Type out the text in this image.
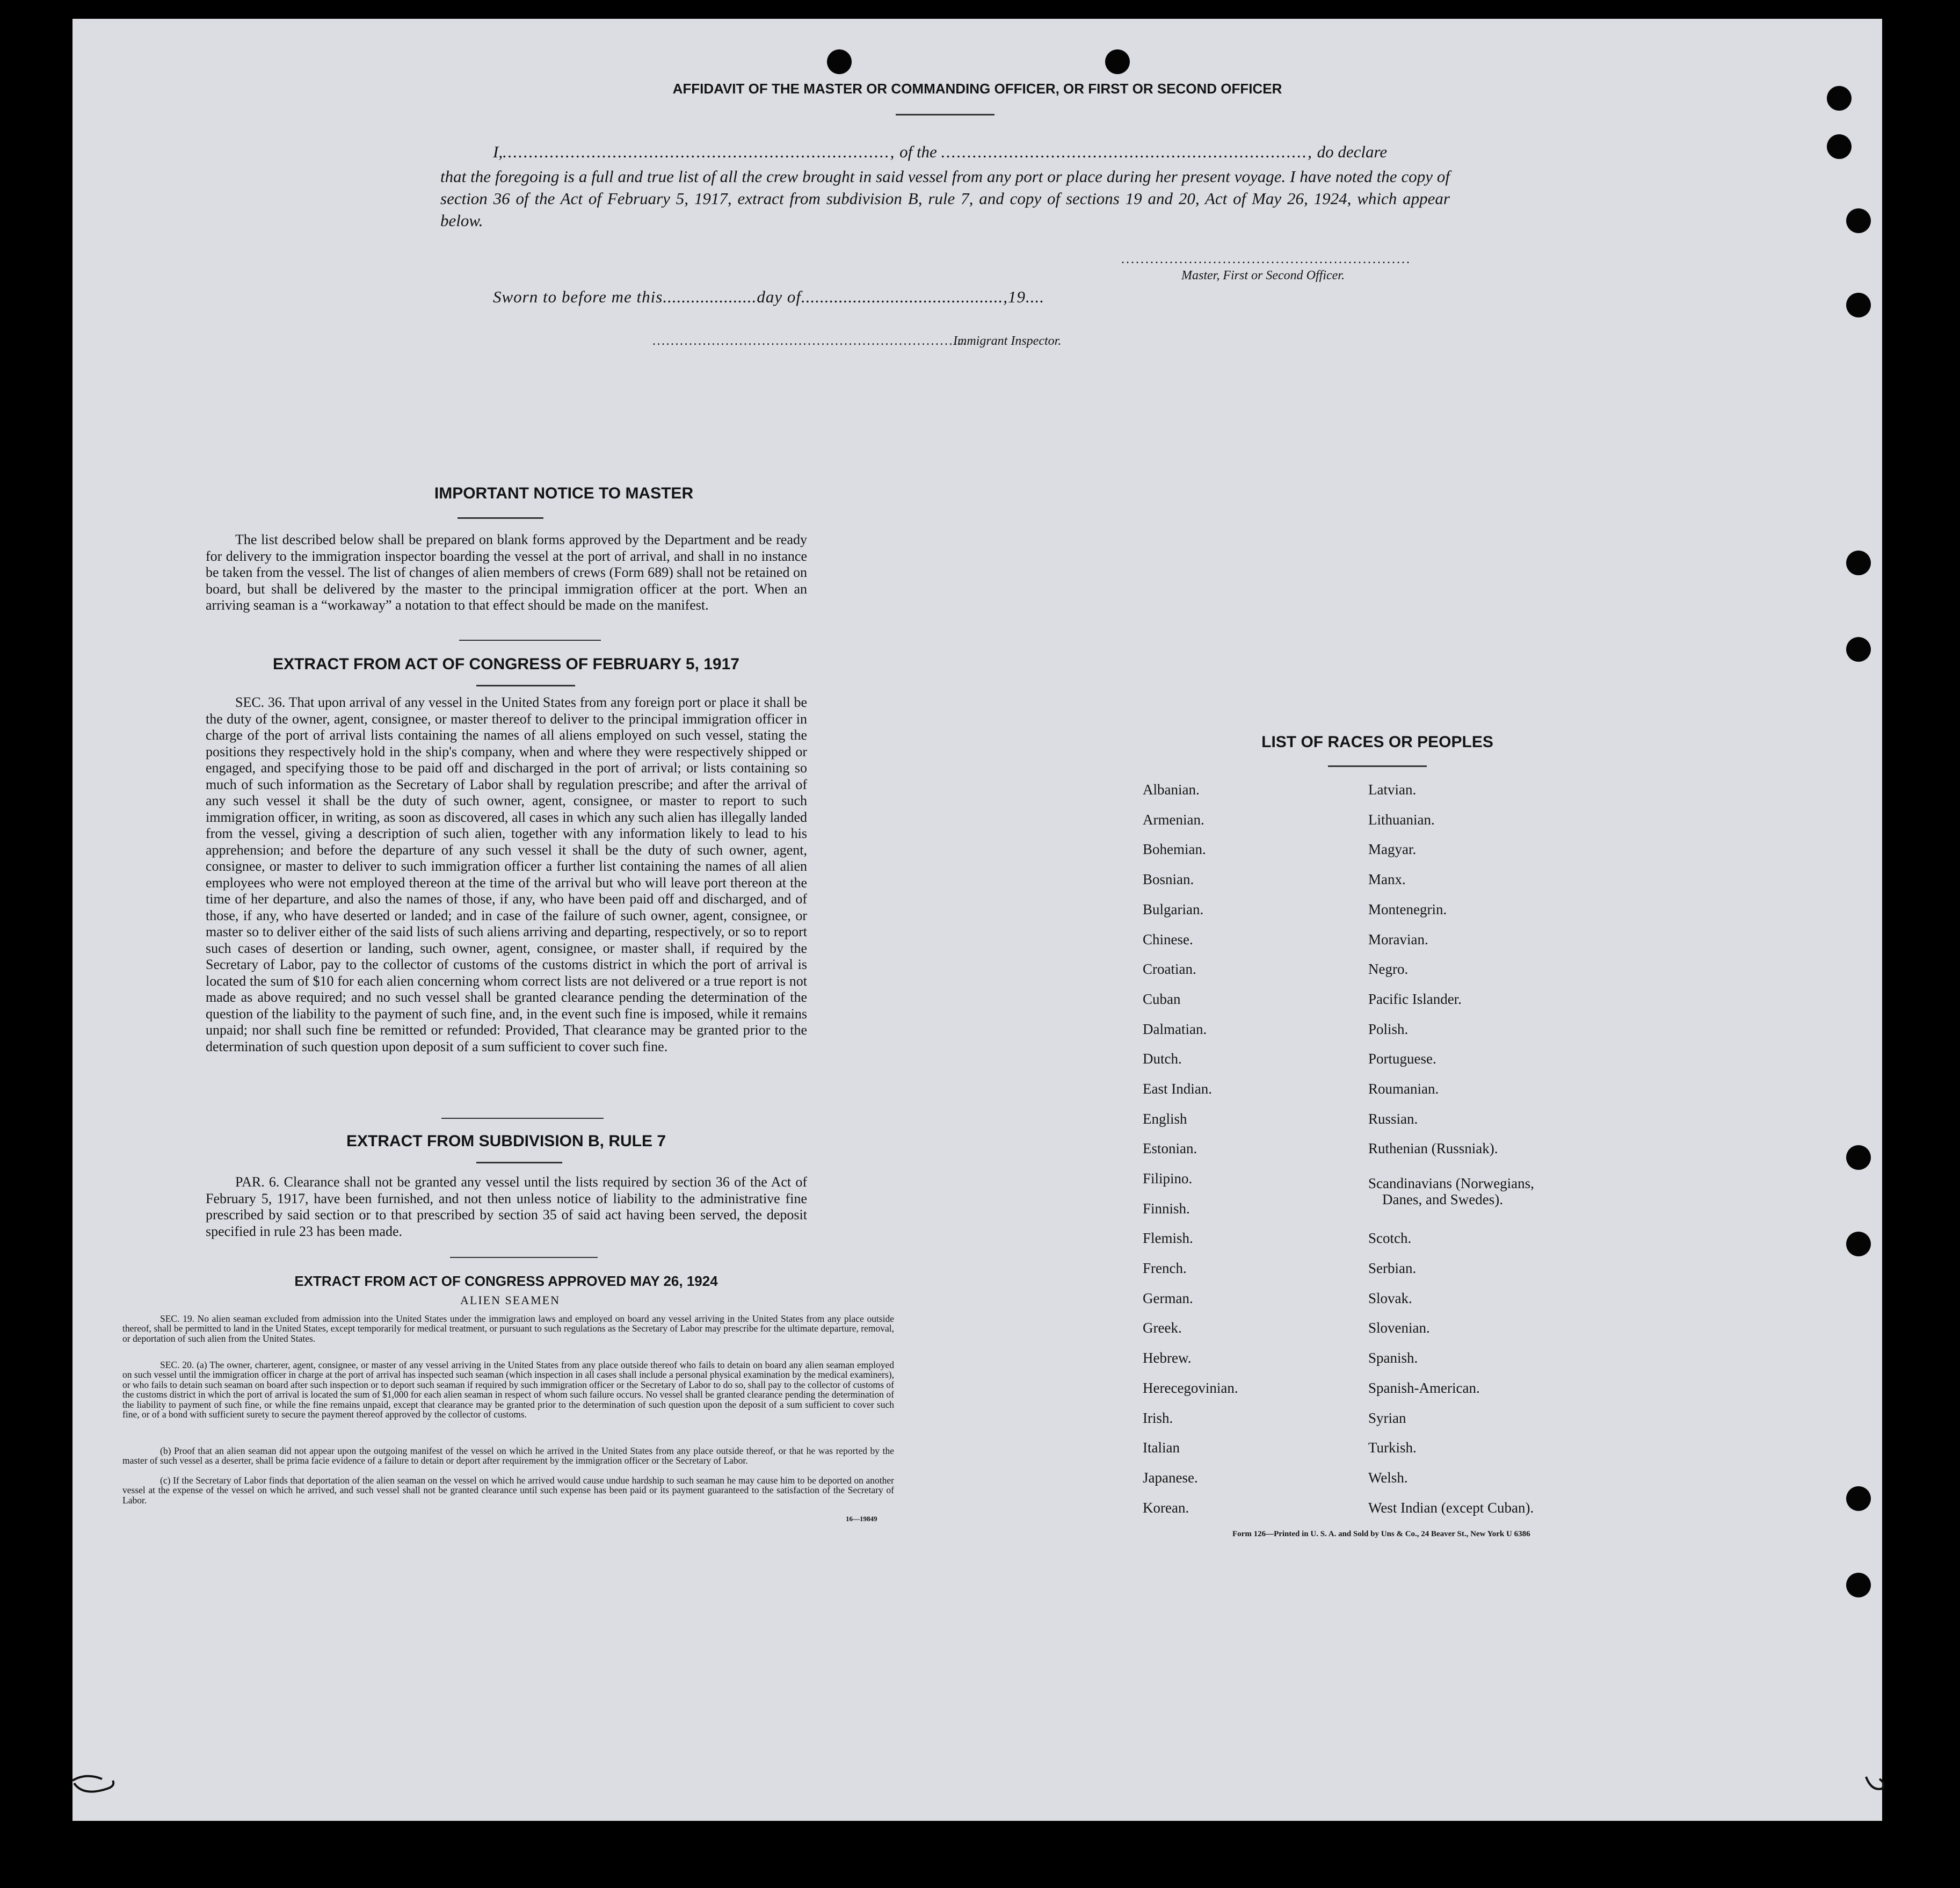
AFFIDAVIT OF THE MASTER OR COMMANDING OFFICER, OR FIRST OR SECOND OFFICER
I,.........................................................................., of the ......................................................................, do declare
that the foregoing is a full and true list of all the crew brought in said vessel from any port or place during her present voyage. I have noted the copy of section 36 of the Act of February 5, 1917, extract from subdivision B, rule 7, and copy of sections 19 and 20, Act of May 26, 1924, which appear below.
............................................................
Master, First or Second Officer.
Sworn to before me this....................day of...........................................,19....
.....................................................................
Immigrant Inspector.
IMPORTANT NOTICE TO MASTER
The list described below shall be prepared on blank forms approved by the Department and be ready for delivery to the immigration inspector boarding the vessel at the port of arrival, and shall in no instance be taken from the vessel. The list of changes of alien members of crews (Form 689) shall not be retained on board, but shall be delivered by the master to the principal immigration officer at the port. When an arriving seaman is a “workaway” a notation to that effect should be made on the manifest.
EXTRACT FROM ACT OF CONGRESS OF FEBRUARY 5, 1917
SEC. 36. That upon arrival of any vessel in the United States from any foreign port or place it shall be the duty of the owner, agent, consignee, or master thereof to deliver to the principal immigration officer in charge of the port of arrival lists containing the names of all aliens employed on such vessel, stating the positions they respectively hold in the ship's company, when and where they were respectively shipped or engaged, and specifying those to be paid off and discharged in the port of arrival; or lists containing so much of such information as the Secretary of Labor shall by regulation prescribe; and after the arrival of any such vessel it shall be the duty of such owner, agent, consignee, or master to report to such immigration officer, in writing, as soon as discovered, all cases in which any such alien has illegally landed from the vessel, giving a description of such alien, together with any information likely to lead to his apprehension; and before the departure of any such vessel it shall be the duty of such owner, agent, consignee, or master to deliver to such immigration officer a further list containing the names of all alien employees who were not employed thereon at the time of the arrival but who will leave port thereon at the time of her departure, and also the names of those, if any, who have been paid off and discharged, and of those, if any, who have deserted or landed; and in case of the failure of such owner, agent, consignee, or master so to deliver either of the said lists of such aliens arriving and departing, respectively, or so to report such cases of desertion or landing, such owner, agent, consignee, or master shall, if required by the Secretary of Labor, pay to the collector of customs of the customs district in which the port of arrival is located the sum of $10 for each alien concerning whom correct lists are not delivered or a true report is not made as above required; and no such vessel shall be granted clearance pending the determination of the question of the liability to the payment of such fine, and, in the event such fine is imposed, while it remains unpaid; nor shall such fine be remitted or refunded: Provided, That clearance may be granted prior to the determination of such question upon deposit of a sum sufficient to cover such fine.
EXTRACT FROM SUBDIVISION B, RULE 7
PAR. 6. Clearance shall not be granted any vessel until the lists required by section 36 of the Act of February 5, 1917, have been furnished, and not then unless notice of liability to the administrative fine prescribed by said section or to that prescribed by section 35 of said act having been served, the deposit specified in rule 23 has been made.
EXTRACT FROM ACT OF CONGRESS APPROVED MAY 26, 1924
ALIEN SEAMEN
SEC. 19. No alien seaman excluded from admission into the United States under the immigration laws and employed on board any vessel arriving in the United States from any place outside thereof, shall be permitted to land in the United States, except temporarily for medical treatment, or pursuant to such regulations as the Secretary of Labor may prescribe for the ultimate departure, removal, or deportation of such alien from the United States.
SEC. 20. (a) The owner, charterer, agent, consignee, or master of any vessel arriving in the United States from any place outside thereof who fails to detain on board any alien seaman employed on such vessel until the immigration officer in charge at the port of arrival has inspected such seaman (which inspection in all cases shall include a personal physical examination by the medical examiners), or who fails to detain such seaman on board after such inspection or to deport such seaman if required by such immigration officer or the Secretary of Labor to do so, shall pay to the collector of customs of the customs district in which the port of arrival is located the sum of $1,000 for each alien seaman in respect of whom such failure occurs. No vessel shall be granted clearance pending the determination of the liability to payment of such fine, or while the fine remains unpaid, except that clearance may be granted prior to the determination of such question upon the deposit of a sum sufficient to cover such fine, or of a bond with sufficient surety to secure the payment thereof approved by the collector of customs.
(b) Proof that an alien seaman did not appear upon the outgoing manifest of the vessel on which he arrived in the United States from any place outside thereof, or that he was reported by the master of such vessel as a deserter, shall be prima facie evidence of a failure to detain or deport after requirement by the immigration officer or the Secretary of Labor.
(c) If the Secretary of Labor finds that deportation of the alien seaman on the vessel on which he arrived would cause undue hardship to such seaman he may cause him to be deported on another vessel at the expense of the vessel on which he arrived, and such vessel shall not be granted clearance until such expense has been paid or its payment guaranteed to the satisfaction of the Secretary of Labor.
16—19849
LIST OF RACES OR PEOPLES
Albanian.
Armenian.
Bohemian.
Bosnian.
Bulgarian.
Chinese.
Croatian.
Cuban
Dalmatian.
Dutch.
East Indian.
English
Estonian.
Filipino.
Finnish.
Flemish.
French.
German.
Greek.
Hebrew.
Herecegovinian.
Irish.
Italian
Japanese.
Korean.
Latvian.
Lithuanian.
Magyar.
Manx.
Montenegrin.
Moravian.
Negro.
Pacific Islander.
Polish.
Portuguese.
Roumanian.
Russian.
Ruthenian (Russniak).
Scandinavians (Norwegians,
Danes, and Swedes).
Scotch.
Serbian.
Slovak.
Slovenian.
Spanish.
Spanish-American.
Syrian
Turkish.
Welsh.
West Indian (except Cuban).
Form 126—Printed in U. S. A. and Sold by Uns & Co., 24 Beaver St., New York U 6386
